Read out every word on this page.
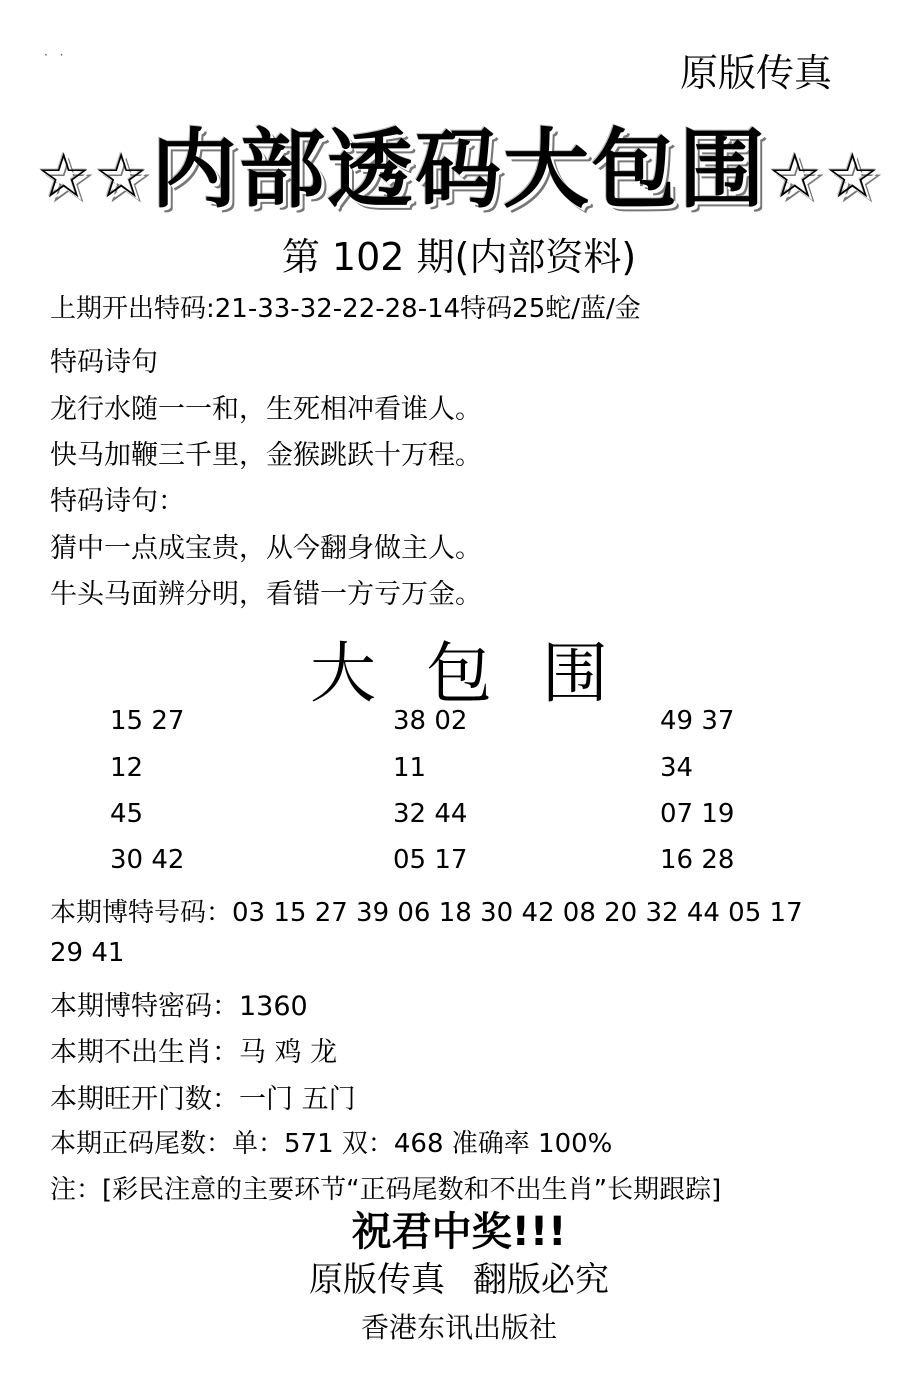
· ·	原版传真
☆☆内部透码大包围☆☆
第 102 期(内部资料)
上期开出特码:21-33-32-22-28-14特码25蛇/蓝/金
特码诗句
龙行水随一一和，生死相冲看谁人。
快马加鞭三千里，金猴跳跃十万程。
特码诗句：
猜中一点成宝贵，从今翻身做主人。
牛头马面辨分明，看错一方亏万金。
大包围
15 27
12
45
30 42
38 02
11
32 44
05 17
49 37
34
07 19
16 28
本期博特号码：03 15 27 39 06 18 30 42 08 20 32 44 05 17
29 41
本期博特密码：1360
本期不出生肖：马 鸡 龙
本期旺开门数：一门 五门
本期正码尾数：单：571 双：468 准确率 100%
注：[彩民注意的主要环节“正码尾数和不出生肖”长期跟踪]
祝君中奖!!!
原版传真 翻版必究
香港东讯出版社
